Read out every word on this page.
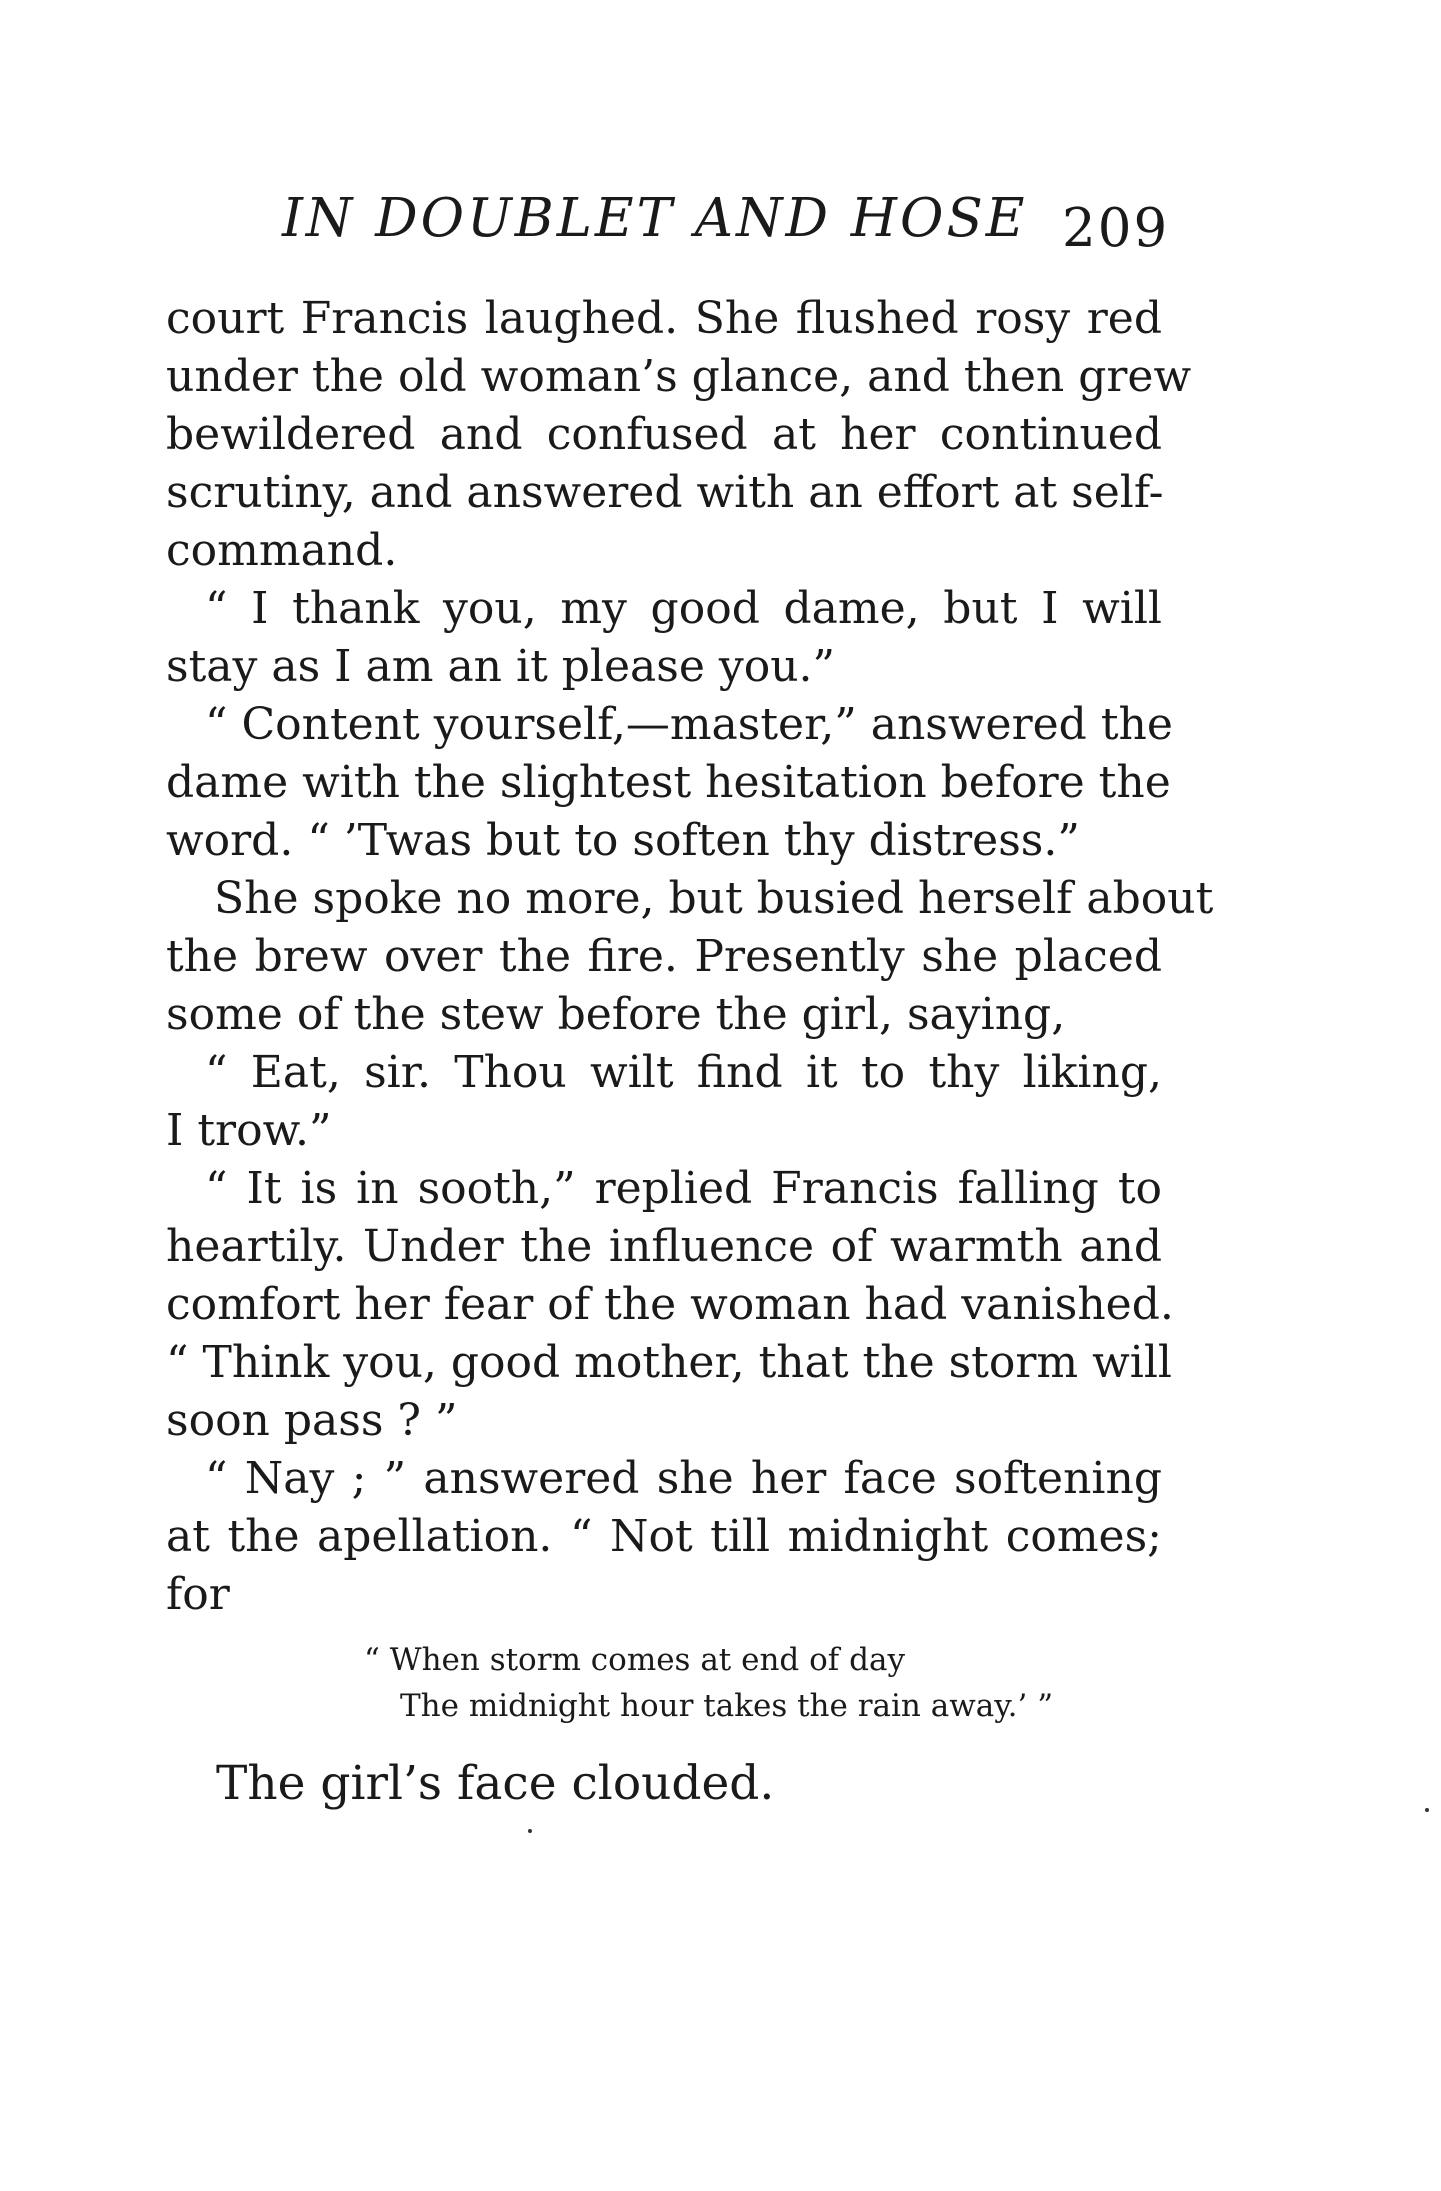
IN DOUBLET AND HOSE 209
court Francis laughed. She flushed rosy red
under the old woman’s glance, and then grew
bewildered and confused at her continued
scrutiny, and answered with an effort at self-
command.
“ I thank you, my good dame, but I will
stay as I am an it please you.”
“ Content yourself,—master,” answered the
dame with the slightest hesitation before the
word. “ ’Twas but to soften thy distress.”
She spoke no more, but busied herself about
the brew over the fire. Presently she placed
some of the stew before the girl, saying,
“ Eat, sir. Thou wilt find it to thy liking,
I trow.”
“ It is in sooth,” replied Francis falling to
heartily. Under the influence of warmth and
comfort her fear of the woman had vanished.
“ Think you, good mother, that the storm will
soon pass ? ”
“ Nay ; ” answered she her face softening
at the apellation. “ Not till midnight comes;
for
“ When storm comes at end of day
The midnight hour takes the rain away.’ ”
The girl’s face clouded.
